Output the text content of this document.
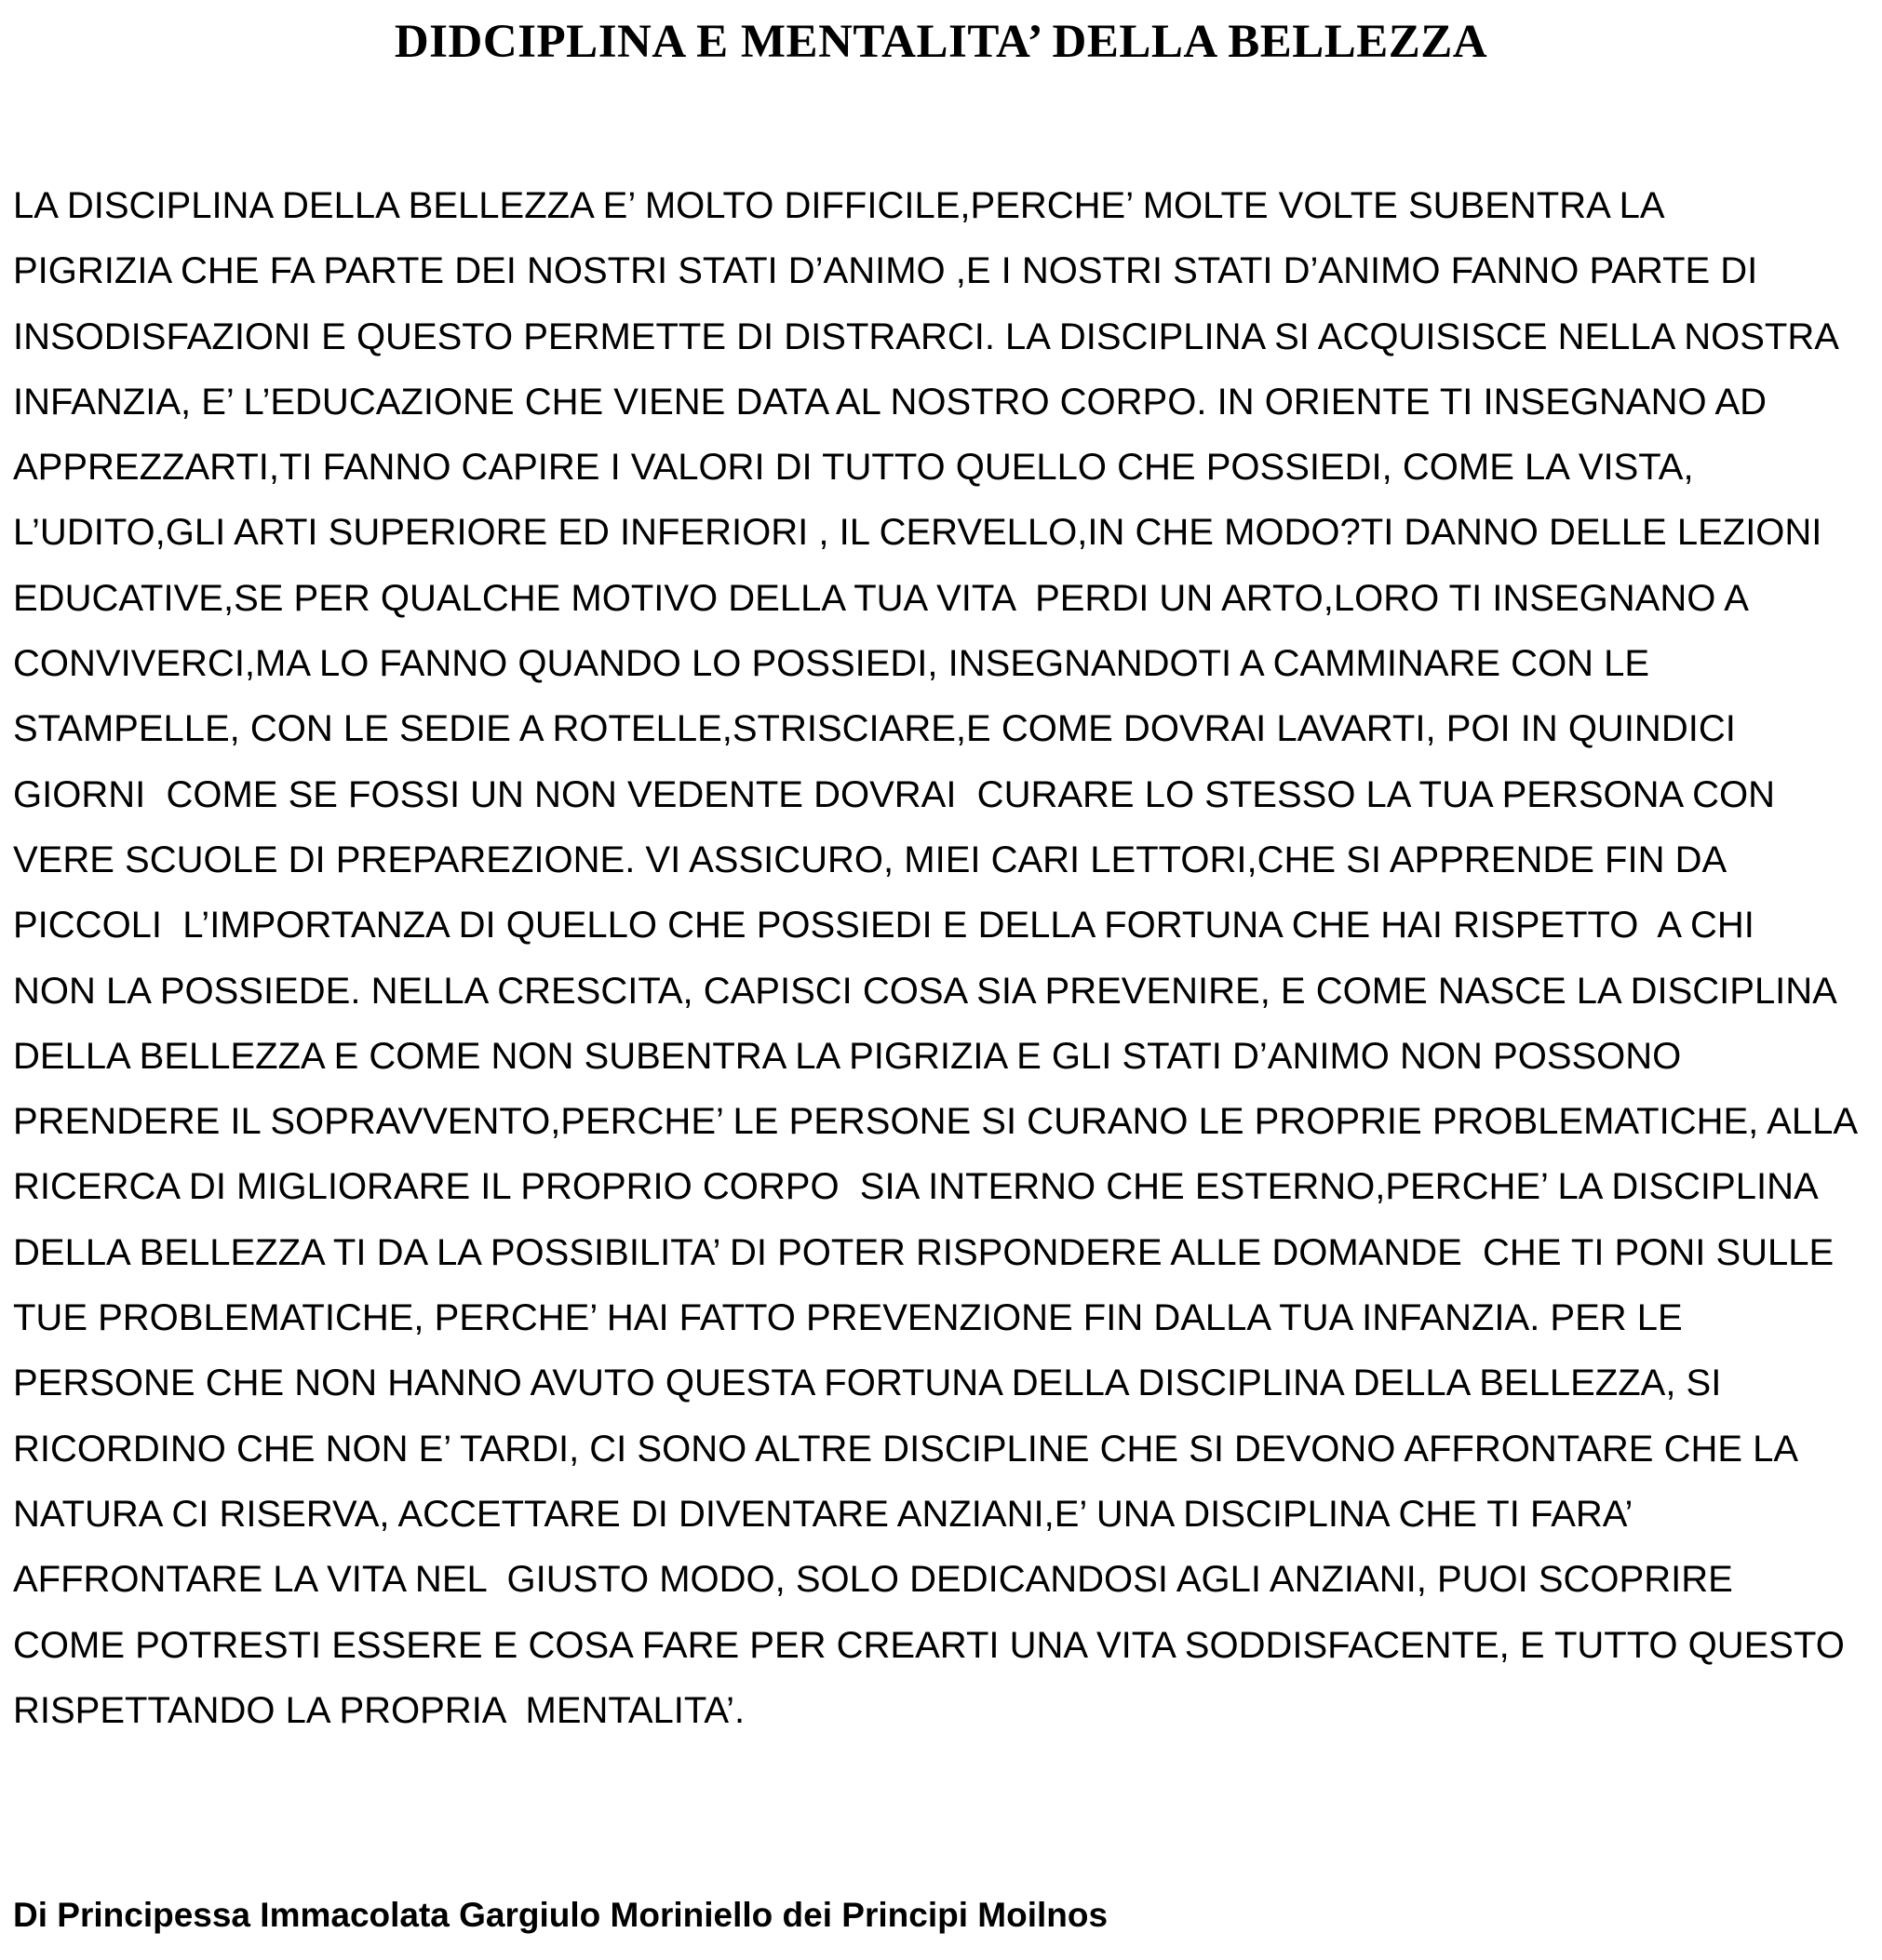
DIDCIPLINA E MENTALITA’ DELLA BELLEZZA
LA DISCIPLINA DELLA BELLEZZA E’ MOLTO DIFFICILE,PERCHE’ MOLTE VOLTE SUBENTRA LA
PIGRIZIA CHE FA PARTE DEI NOSTRI STATI D’ANIMO ,E I NOSTRI STATI D’ANIMO FANNO PARTE DI
INSODISFAZIONI E QUESTO PERMETTE DI DISTRARCI. LA DISCIPLINA SI ACQUISISCE NELLA NOSTRA
INFANZIA, E’ L’EDUCAZIONE CHE VIENE DATA AL NOSTRO CORPO. IN ORIENTE TI INSEGNANO AD
APPREZZARTI,TI FANNO CAPIRE I VALORI DI TUTTO QUELLO CHE POSSIEDI, COME LA VISTA,
L’UDITO,GLI ARTI SUPERIORE ED INFERIORI , IL CERVELLO,IN CHE MODO?TI DANNO DELLE LEZIONI
EDUCATIVE,SE PER QUALCHE MOTIVO DELLA TUA VITA  PERDI UN ARTO,LORO TI INSEGNANO A
CONVIVERCI,MA LO FANNO QUANDO LO POSSIEDI, INSEGNANDOTI A CAMMINARE CON LE
STAMPELLE, CON LE SEDIE A ROTELLE,STRISCIARE,E COME DOVRAI LAVARTI, POI IN QUINDICI
GIORNI  COME SE FOSSI UN NON VEDENTE DOVRAI  CURARE LO STESSO LA TUA PERSONA CON
VERE SCUOLE DI PREPAREZIONE. VI ASSICURO, MIEI CARI LETTORI,CHE SI APPRENDE FIN DA
PICCOLI  L’IMPORTANZA DI QUELLO CHE POSSIEDI E DELLA FORTUNA CHE HAI RISPETTO  A CHI
NON LA POSSIEDE. NELLA CRESCITA, CAPISCI COSA SIA PREVENIRE, E COME NASCE LA DISCIPLINA
DELLA BELLEZZA E COME NON SUBENTRA LA PIGRIZIA E GLI STATI D’ANIMO NON POSSONO
PRENDERE IL SOPRAVVENTO,PERCHE’ LE PERSONE SI CURANO LE PROPRIE PROBLEMATICHE, ALLA
RICERCA DI MIGLIORARE IL PROPRIO CORPO  SIA INTERNO CHE ESTERNO,PERCHE’ LA DISCIPLINA
DELLA BELLEZZA TI DA LA POSSIBILITA’ DI POTER RISPONDERE ALLE DOMANDE  CHE TI PONI SULLE
TUE PROBLEMATICHE, PERCHE’ HAI FATTO PREVENZIONE FIN DALLA TUA INFANZIA. PER LE
PERSONE CHE NON HANNO AVUTO QUESTA FORTUNA DELLA DISCIPLINA DELLA BELLEZZA, SI
RICORDINO CHE NON E’ TARDI, CI SONO ALTRE DISCIPLINE CHE SI DEVONO AFFRONTARE CHE LA
NATURA CI RISERVA, ACCETTARE DI DIVENTARE ANZIANI,E’ UNA DISCIPLINA CHE TI FARA’
AFFRONTARE LA VITA NEL  GIUSTO MODO, SOLO DEDICANDOSI AGLI ANZIANI, PUOI SCOPRIRE
COME POTRESTI ESSERE E COSA FARE PER CREARTI UNA VITA SODDISFACENTE, E TUTTO QUESTO
RISPETTANDO LA PROPRIA  MENTALITA’.

Di Principessa Immacolata Gargiulo Moriniello dei Principi Moilnos
